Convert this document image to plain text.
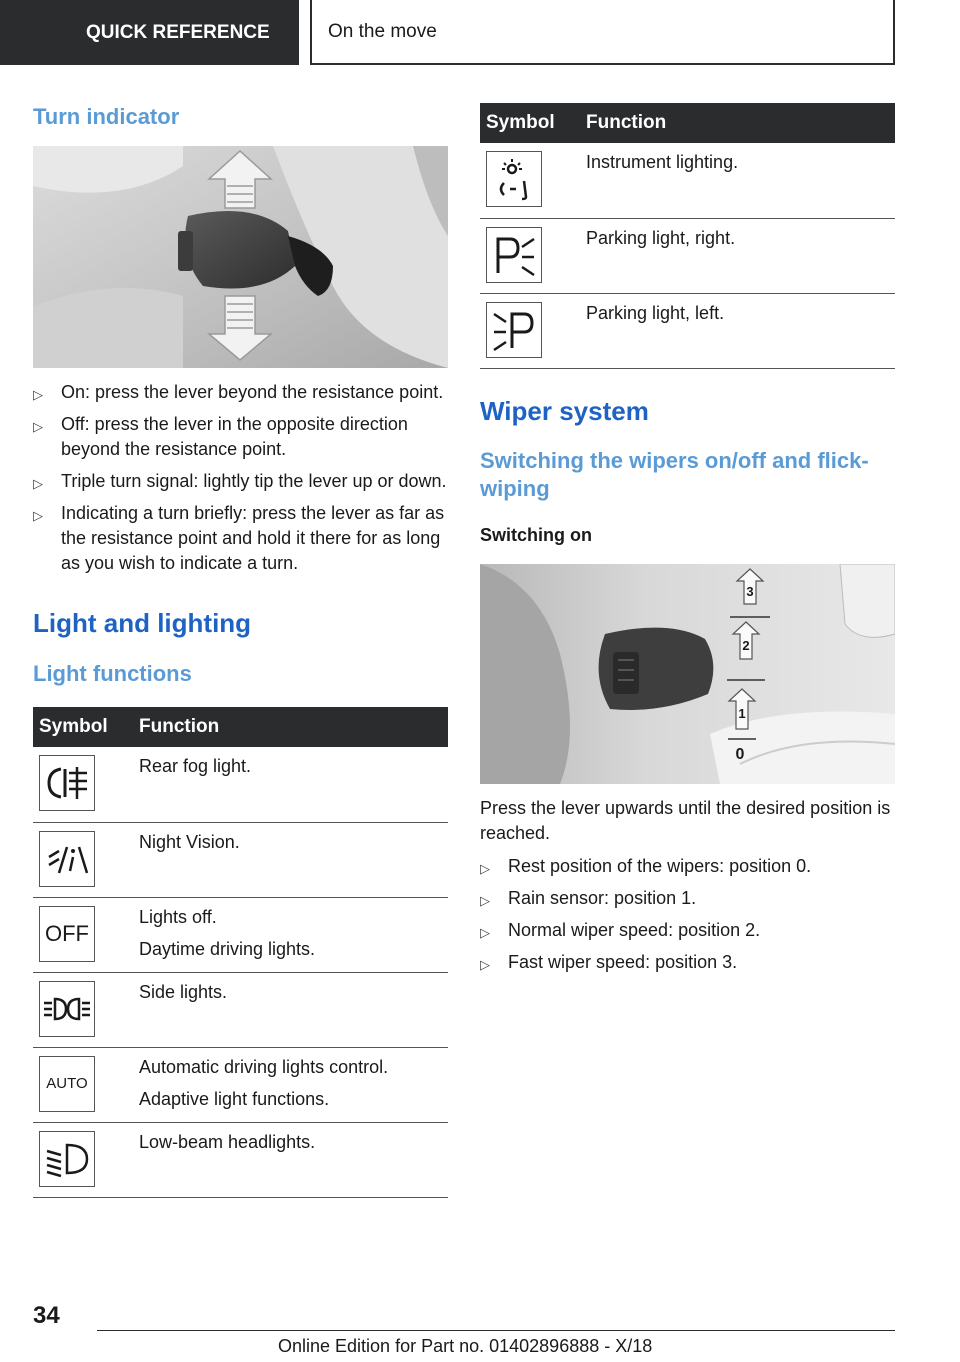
QUICK REFERENCE	On the move
Turn indicator
▷ On: press the lever beyond the resistance point.
▷ Off: press the lever in the opposite direction beyond the resistance point.
▷ Triple turn signal: lightly tip the lever up or down.
▷ Indicating a turn briefly: press the lever as far as the resistance point and hold it there for as long as you wish to indicate a turn.
Light and lighting
Light functions
Symbol	Function

Rear fog light.

Night Vision.

OFF	Lights off.
Daytime driving lights.

Side lights.

AUTO	Automatic driving lights control.
Adaptive light functions.

Low-beam headlights.
Symbol	Function

Instrument lighting.

Parking light, right.

Parking light, left.
Wiper system
Switching the wipers on/off and flick-wiping
Switching on
3
2
1
0

Press the lever upwards until the desired position is reached.

▷ Rest position of the wipers: position 0.
▷ Rain sensor: position 1.
▷ Normal wiper speed: position 2.
▷ Fast wiper speed: position 3.
34
Online Edition for Part no. 01402896888 - X/18
